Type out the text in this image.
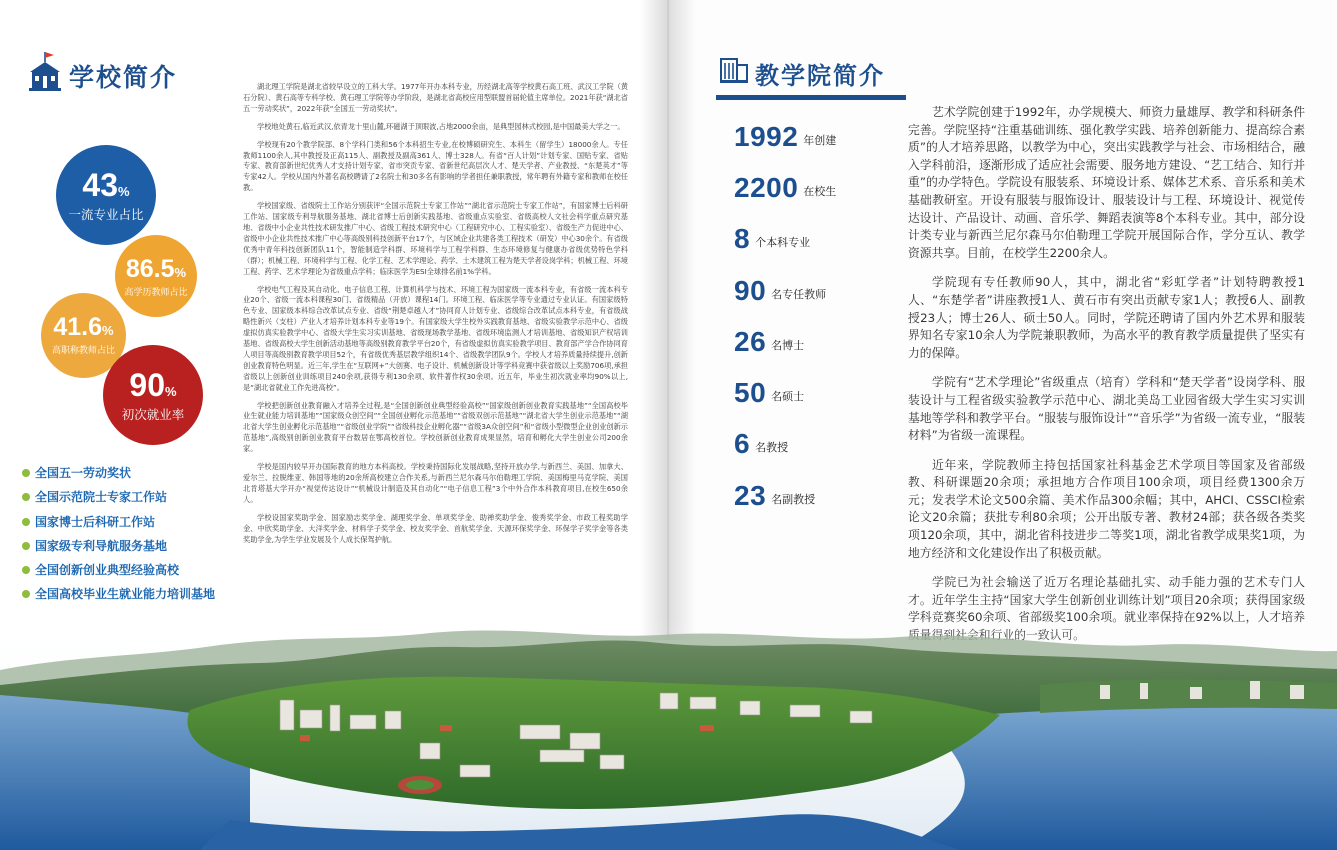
学校简介
43%
一流专业占比
86.5%
高学历教师占比
41.6%
高职称教师占比
90%
初次就业率
全国五一劳动奖状
全国示范院士专家工作站
国家博士后科研工作站
国家级专利导航服务基地
全国创新创业典型经验高校
全国高校毕业生就业能力培训基地

湖北理工学院是湖北省较早设立的工科大学。1977年开办本科专业，历经湖北高等学校黄石高工班、武汉工学院（黄石分院）、黄石高等专科学校、黄石理工学院等办学阶段，是湖北省高校应用型联盟首届轮值主席单位。2021年获“湖北省五一劳动奖状”，2022年获“全国五一劳动奖状”。

学校地处黄石,临近武汉,依青龙十里山麓,环磁湖于顶眼波,占地2000余亩，是典型园林式校园,是中国最美大学之一。

学校现有20个教学院部、8个学科门类和56个本科招生专业,在校博硕研究生、本科生（留学生）18000余人。专任教师1100余人,其中教授及正高115人、副教授及副高361人、博士328人。有省“百人计划”计划专家、国贴专家、省贴专家、教育部新世纪优秀人才支持计划专家、省市突贡专家、省新世纪高层次人才、楚天学者、产业教授、“东楚英才”等专家42人。学校从国内外著名高校聘请了2名院士和30多名有影响的学者担任兼职教授，常年聘有外籍专家和教师在校任教。

学校国家级、省级院士工作站分别获评“全国示范院士专家工作站”“湖北省示范院士专家工作站”，有国家博士后科研工作站、国家级专利导航服务基地、湖北省博士后创新实践基地、省级重点实验室、省级高校人文社会科学重点研究基地、省级中小企业共性技术研发推广中心、省级工程技术研究中心（工程研究中心、工程实验室）、省级生产力促进中心、省级中小企业共性技术推广中心等高级别科技创新平台17个，与区域企业共建各类工程技术（研发）中心30余个。有省级优秀中青年科技创新团队11个，智能制造学科群、环境科学与工程学科群、生态环境修复与健康办省级优势特色学科（群）；机械工程、环境科学与工程、化学工程、艺术学理论、药学、土木建筑工程为楚天学者设岗学科；机械工程、环境工程、药学、艺术学理论为省级重点学科；临床医学为ESI全球排名前1%学科。

学校电气工程及其自动化、电子信息工程、计算机科学与技术、环境工程为国家级一流本科专业，有省级一流本科专业20个、省级一流本科课程30门、省级精品（开放）课程14门。环境工程、临床医学等专业通过专业认证。有国家级特色专业、国家级本科综合改革试点专业、省级“荆楚卓越人才”协同育人计划专业、省级综合改革试点本科专业，有省级战略性新兴（支柱）产业人才培养计划本科专业等19个。有国家级大学生校外实践教育基地、省级实验教学示范中心、省级虚拟仿真实验教学中心、省级大学生实习实训基地、省级现场教学基地、省级环境监测人才培训基地、省级知识产权培训基地、省级高校大学生创新活动基地等高级别教育教学平台20个，有省级虚拟仿真实验教学项目、教育部产学合作协同育人项目等高级别教育教学项目52个，有省级优秀基层教学组织14个、省级教学团队9个。学校人才培养质量持续提升,创新创业教育特色明显。近三年,学生在“互联网+”大创赛、电子设计、机械创新设计等学科竞赛中获省级以上奖励706项,承担省级以上创新创业训练项目240余项,获得专利130余项、软件著作权30余项。近五年，毕业生初次就业率均90%以上,是“湖北省就业工作先进高校”。

学校把创新创业教育融入才培养全过程,是“全国创新创业典型经验高校”“国家级创新创业教育实践基地”“全国高校毕业生就业能力培训基地”“国家级众创空间”“全国创业孵化示范基地”“省级双创示范基地”“湖北省大学生创业示范基地”“湖北省大学生创业孵化示范基地”“省级创业学院”“省级科技企业孵化器”“省级3A众创空间”和“省级小型微型企业创业创新示范基地”,高级别创新创业教育平台数居在鄂高校首位。学校创新创业教育成果显然，培育和孵化大学生创业公司200余家。

学校是国内较早开办国际教育的地方本科高校。学校秉持国际化发展战略,坚持开放办学,与新西兰、美国、加拿大、爱尔兰、拉脱维亚、韩国等地的20余所高校建立合作关系,与新西兰尼尔森马尔伯勒理工学院、美国梅里马克学院、美国北肯塔基大学开办“视觉传达设计”“机械设计制造及其自动化”“电子信息工程”3个中外合作本科教育项目,在校生650余人。

学校设国家奖助学金、国家励志奖学金、湖理奖学金、单项奖学金、助禅奖助学金、俊秀奖学金、市政工程奖助学金、中欣奖助学金、大洋奖学金、材料学子奖学金、校友奖学金、首航奖学金、天源环保奖学金、环保学子奖学金等各类奖助学金,为学生学业发展及个人成长保驾护航。

教学院简介
1992 年创建
2200 在校生
8 个本科专业
90 名专任教师
26 名博士
50 名硕士
6 名教授
23 名副教授

艺术学院创建于1992年，办学规模大、师资力量雄厚、教学和科研条件完善。学院坚持“注重基础训练、强化教学实践、培养创新能力、提高综合素质”的人才培养思路，以教学为中心，突出实践教学与社会、市场相结合，融入学科前沿，逐渐形成了适应社会需要、服务地方建设、“艺工结合、知行并重”的办学特色。学院设有服装系、环境设计系、媒体艺术系、音乐系和美术基础教研室。开设有服装与服饰设计、服装设计与工程、环境设计、视觉传达设计、产品设计、动画、音乐学、舞蹈表演等8个本科专业。其中，部分设计类专业与新西兰尼尔森马尔伯勒理工学院开展国际合作，学分互认、教学资源共享。目前，在校学生2200余人。

学院现有专任教师90人，其中，湖北省“彩虹学者”计划特聘教授1人、“东楚学者”讲座教授1人、黄石市有突出贡献专家1人；教授6人、副教授23人；博士26人、硕士50人。同时，学院还聘请了国内外艺术界和服装界知名专家10余人为学院兼职教师，为高水平的教育教学质量提供了坚实有力的保障。

学院有“艺术学理论”省级重点（培育）学科和“楚天学者”设岗学科、服装设计与工程省级实验教学示范中心、湖北美岛工业园省级大学生实习实训基地等学科和教学平台。“服装与服饰设计”“音乐学”为省级一流专业，“服装材料”为省级一流课程。

近年来，学院教师主持包括国家社科基金艺术学项目等国家及省部级教、科研课题20余项；承担地方合作项目100余项，项目经费1300余万元；发表学术论文500余篇、美术作品300余幅；其中，AHCI、CSSCI检索论文20余篇；获批专利80余项；公开出版专著、教材24部；获各级各类奖项120余项，其中，湖北省科技进步二等奖1项，湖北省教学成果奖1项，为地方经济和文化建设作出了积极贡献。

学院已为社会输送了近万名理论基础扎实、动手能力强的艺术专门人才。近年学生主持“国家大学生创新创业训练计划”项目20余项；获得国家级
